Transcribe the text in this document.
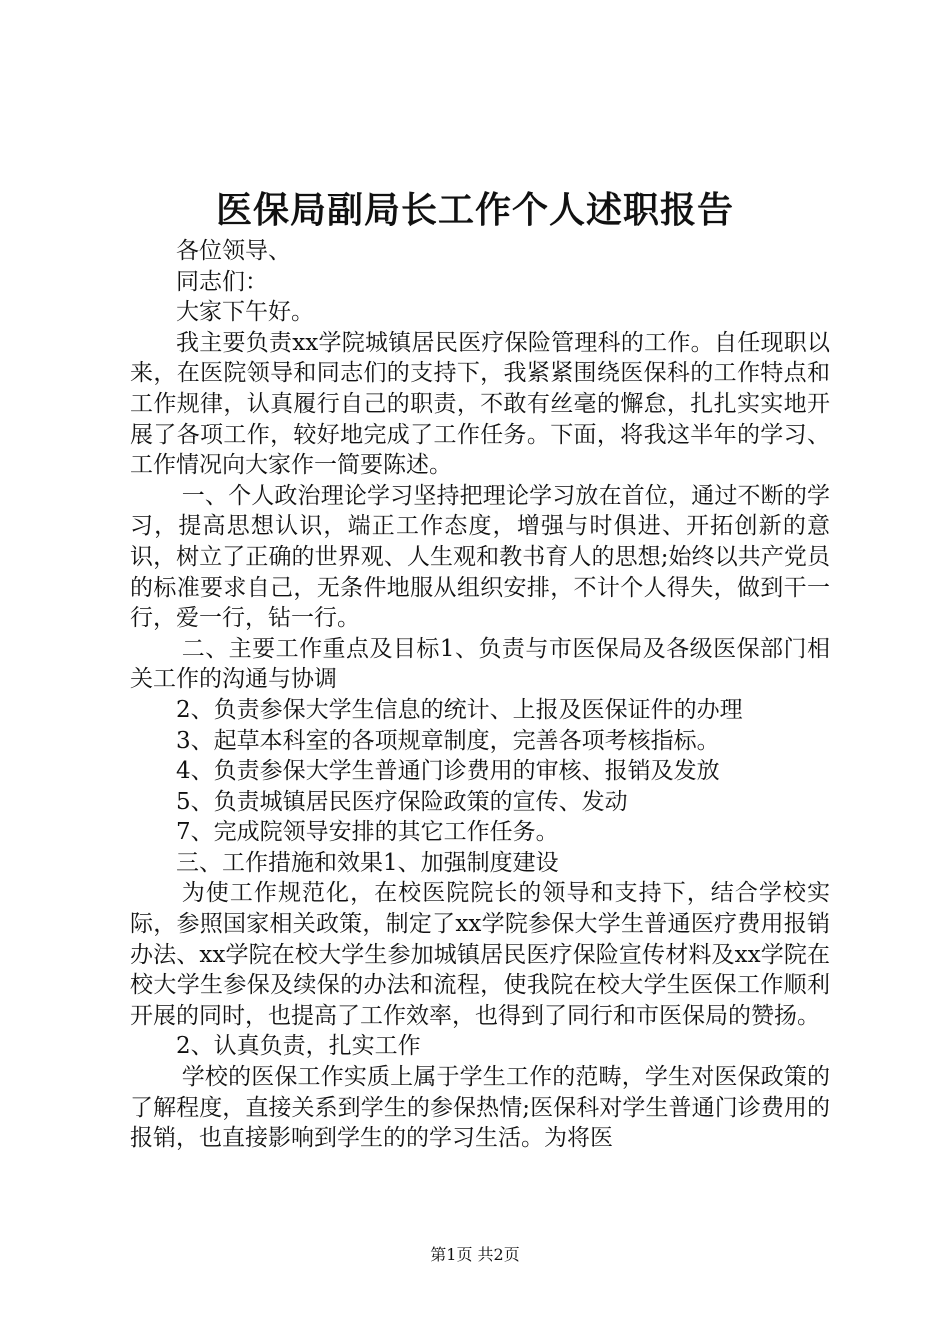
医保局副局长工作个人述职报告

各位领导、

同志们：

大家下午好。

我主要负责xx学院城镇居民医疗保险管理科的工作。自任现职以来，在医院领导和同志们的支持下，我紧紧围绕医保科的工作特点和工作规律，认真履行自己的职责，不敢有丝毫的懈怠，扎扎实实地开展了各项工作，较好地完成了工作任务。下面，将我这半年的学习、工作情况向大家作一简要陈述。

一、个人政治理论学习坚持把理论学习放在首位，通过不断的学习，提高思想认识，端正工作态度，增强与时俱进、开拓创新的意识，树立了正确的世界观、人生观和教书育人的思想;始终以共产党员的标准要求自己，无条件地服从组织安排，不计个人得失，做到干一行，爱一行，钻一行。

二、主要工作重点及目标1、负责与市医保局及各级医保部门相关工作的沟通与协调

2、负责参保大学生信息的统计、上报及医保证件的办理

3、起草本科室的各项规章制度，完善各项考核指标。

4、负责参保大学生普通门诊费用的审核、报销及发放

5、负责城镇居民医疗保险政策的宣传、发动

7、完成院领导安排的其它工作任务。

三、工作措施和效果1、加强制度建设

为使工作规范化，在校医院院长的领导和支持下，结合学校实际，参照国家相关政策，制定了xx学院参保大学生普通医疗费用报销办法、xx学院在校大学生参加城镇居民医疗保险宣传材料及xx学院在校大学生参保及续保的办法和流程，使我院在校大学生医保工作顺利开展的同时，也提高了工作效率，也得到了同行和市医保局的赞扬。

2、认真负责，扎实工作

学校的医保工作实质上属于学生工作的范畴，学生对医保政策的了解程度，直接关系到学生的参保热情;医保科对学生普通门诊费用的报销，也直接影响到学生的的学习生活。为将医

第1页 共2页
